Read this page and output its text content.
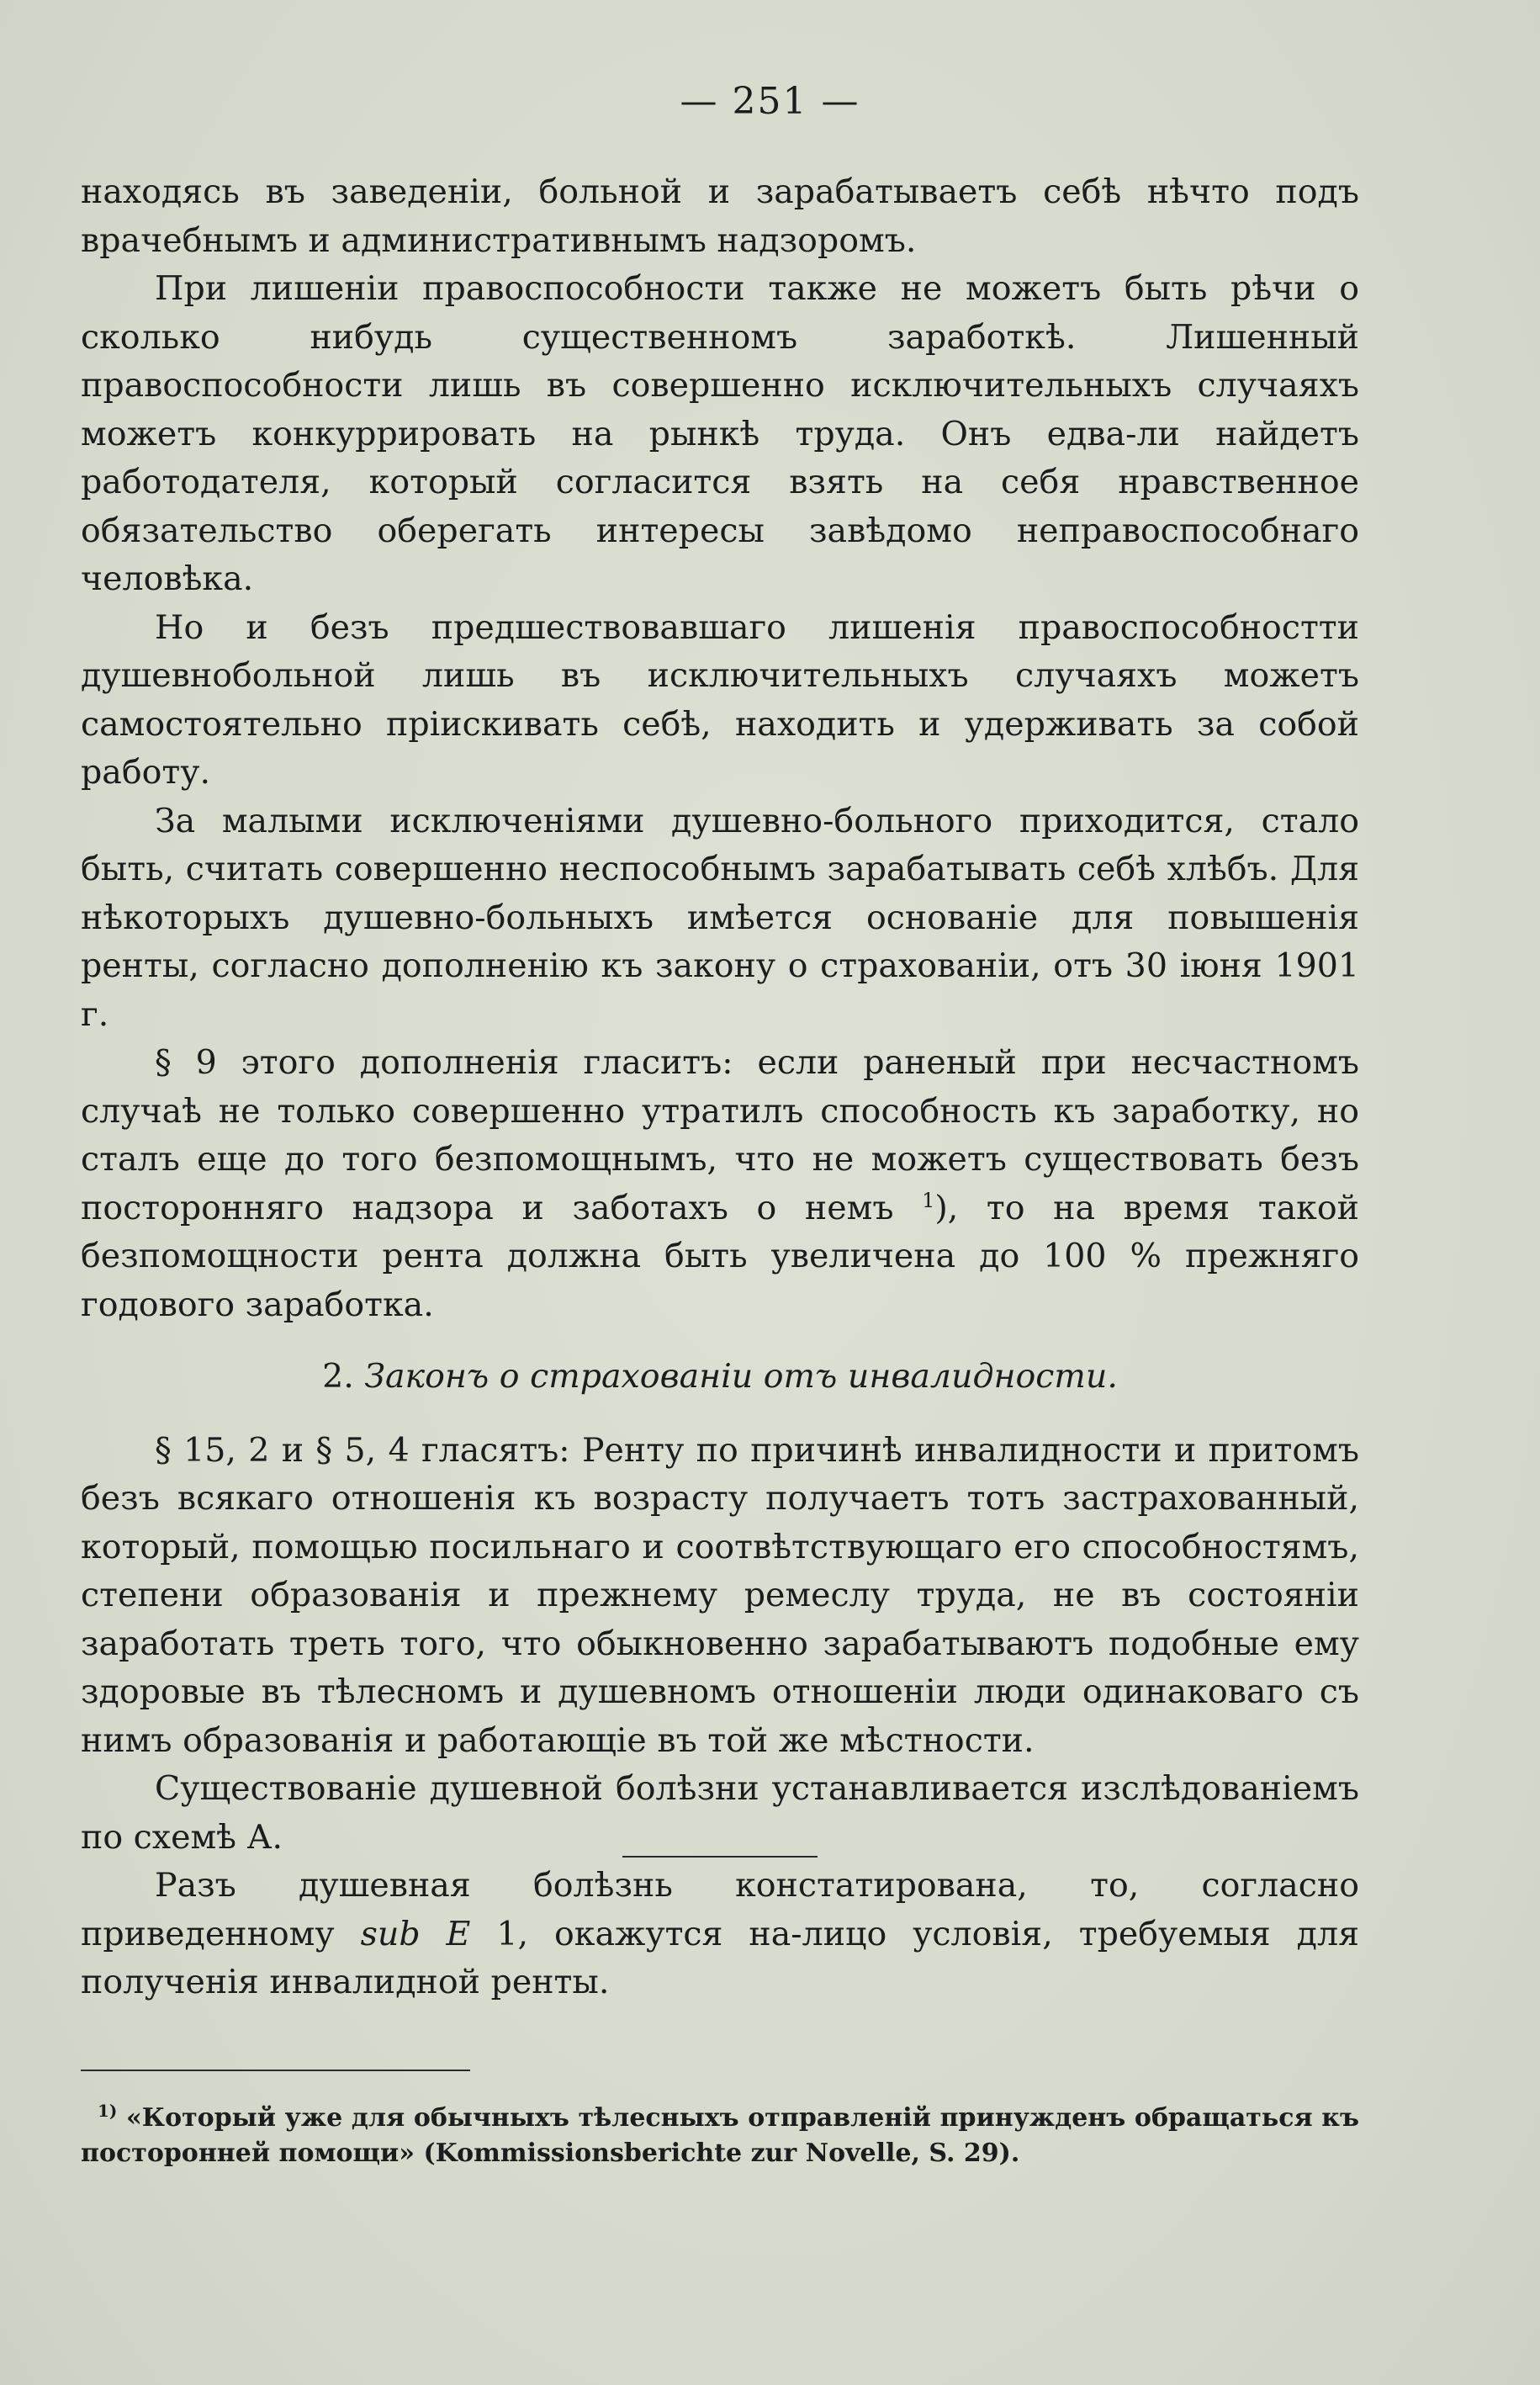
— 251 —

находясь въ заведенiи, больной и зарабатываетъ себѣ нѣчто подъ врачебнымъ и административнымъ надзоромъ.

При лишенiи правоспособности также не можетъ быть рѣчи о сколько нибудь существенномъ заработкѣ. Лишенный правоспособности лишь въ совершенно исключительныхъ случаяхъ можетъ конкуррировать на рынкѣ труда. Онъ едва-ли найдетъ работодателя, который согласится взять на себя нравственное обязательство оберегать интересы завѣдомо неправоспособнаго человѣка.

Но и безъ предшествовавшаго лишенiя правоспособностти душевнобольной лишь въ исключительныхъ случаяхъ можетъ самостоятельно прiискивать себѣ, находить и удерживать за собой работу.

За малыми исключенiями душевно-больного приходится, стало быть, считать совершенно неспособнымъ зарабатывать себѣ хлѣбъ. Для нѣкоторыхъ душевно-больныхъ имѣется основанiе для повышенiя ренты, согласно дополненiю къ закону о страхованiи, отъ 30 iюня 1901 г.

§ 9 этого дополненiя гласитъ: если раненый при несчастномъ случаѣ не только совершенно утратилъ способность къ заработку, но сталъ еще до того безпомощнымъ, что не можетъ существовать безъ посторонняго надзора и заботахъ о немъ $^1$), то на время такой безпомощности рента должна быть увеличена до 100 % прежняго годового заработка.

2. Законъ о страхованiи отъ инвалидности.

§ 15, 2 и § 5, 4 гласятъ: Ренту по причинѣ инвалидности и притомъ безъ всякаго отношенiя къ возрасту получаетъ тотъ застрахованный, который, помощью посильнаго и соотвѣтствующаго его способностямъ, степени образованiя и прежнему ремеслу труда, не въ состоянiи заработать треть того, что обыкновенно зарабатываютъ подобные ему здоровые въ тѣлесномъ и душевномъ отношенiи люди одинаковаго съ нимъ образованiя и работающiе въ той же мѣстности.

Существованiе душевной болѣзни устанавливается изслѣдованiемъ по схемѣ А.

Разъ душевная болѣзнь констатирована, то, согласно приведенному sub E 1, окажутся на-лицо условiя, требуемыя для полученiя инвалидной ренты.

$^{1)}$ «Который уже для обычныхъ тѣлесныхъ отправленiй принужденъ обращаться къ посторонней помощи» (Kommissionsberichte zur Novelle, S. 29).
